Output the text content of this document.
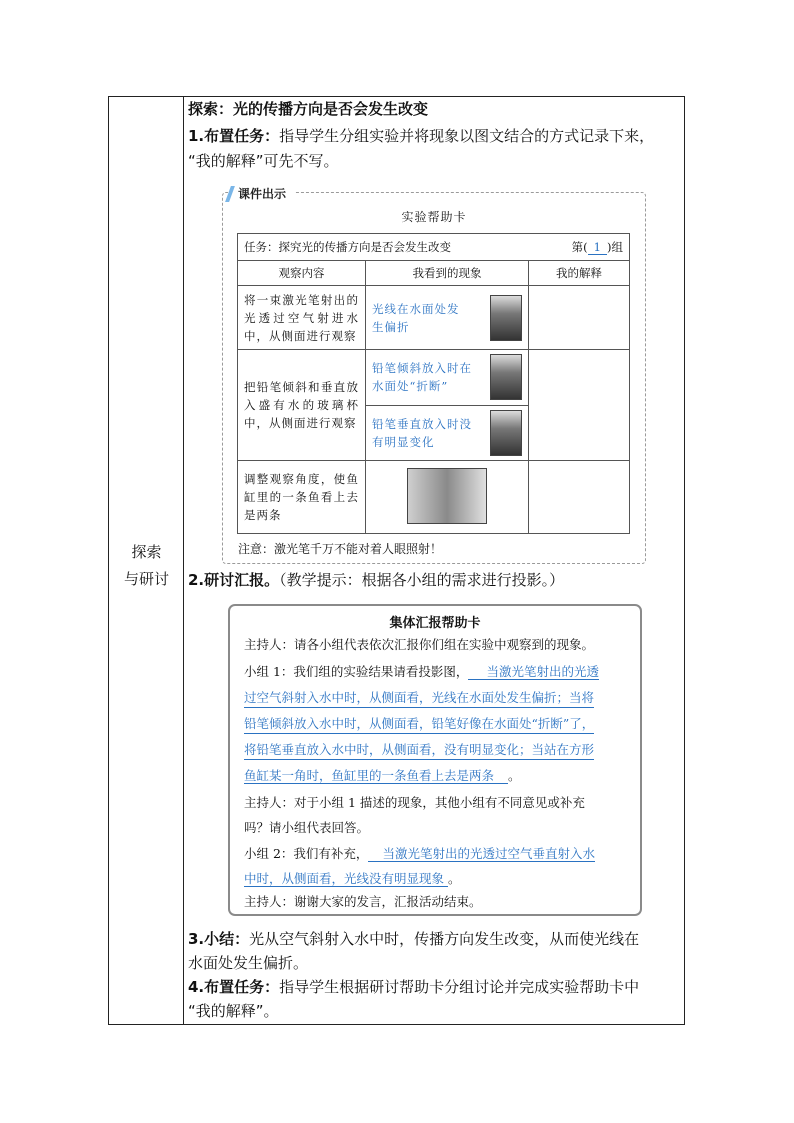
探索
与研讨
探索：光的传播方向是否会发生改变
1.布置任务：指导学生分组实验并将现象以图文结合的方式记录下来，
“我的解释”可先不写。
课件出示
实验帮助卡
任务：探究光的传播方向是否会发生改变 第( 1 )组		

观察内容	我看到的现象	我的解释
将一束激光笔射出的光透过空气射进水中，从侧面进行观察	光线在水面处发生偏折	

把铅笔倾斜和垂直放入盛有水的玻璃杯中，从侧面进行观察	铅笔倾斜放入时在水面处“折断”	

	铅笔垂直放入时没有明显变化	

调整观察角度，使鱼缸里的一条鱼看上去是两条		
注意：激光笔千万不能对着人眼照射！
2.研讨汇报。（教学提示：根据各小组的需求进行投影。）
集体汇报帮助卡
主持人：请各小组代表依次汇报你们组在实验中观察到的现象。
小组 1：我们组的实验结果请看投影图， 当激光笔射出的光透
过空气斜射入水中时，从侧面看，光线在水面处发生偏折；当将
铅笔倾斜放入水中时，从侧面看，铅笔好像在水面处“折断”了，
将铅笔垂直放入水中时，从侧面看，没有明显变化；当站在方形
鱼缸某一角时，鱼缸里的一条鱼看上去是两条 。
主持人：对于小组 1 描述的现象，其他小组有不同意见或补充
吗？请小组代表回答。
小组 2：我们有补充， 当激光笔射出的光透过空气垂直射入水
中时，从侧面看，光线没有明显现象 。
主持人：谢谢大家的发言，汇报活动结束。
3.小结：光从空气斜射入水中时，传播方向发生改变，从而使光线在
水面处发生偏折。
4.布置任务：指导学生根据研讨帮助卡分组讨论并完成实验帮助卡中
“我的解释”。
